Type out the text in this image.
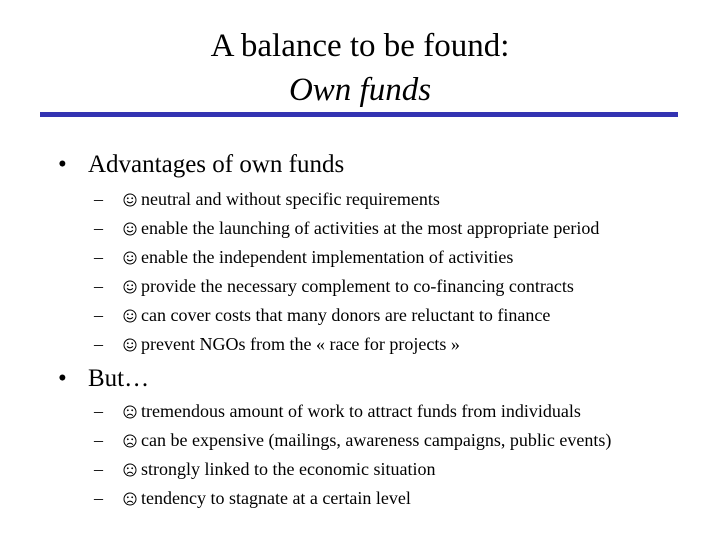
A balance to be found:
Own funds
• Advantages of own funds
– neutral and without specific requirements
– enable the launching of activities at the most appropriate period
– enable the independent implementation of activities
– provide the necessary complement to co-financing contracts
– can cover costs that many donors are reluctant to finance
– prevent NGOs from the « race for projects »
• But…
– tremendous amount of work to attract funds from individuals
– can be expensive (mailings, awareness campaigns, public events)
– strongly linked to the economic situation
– tendency to stagnate at a certain level
